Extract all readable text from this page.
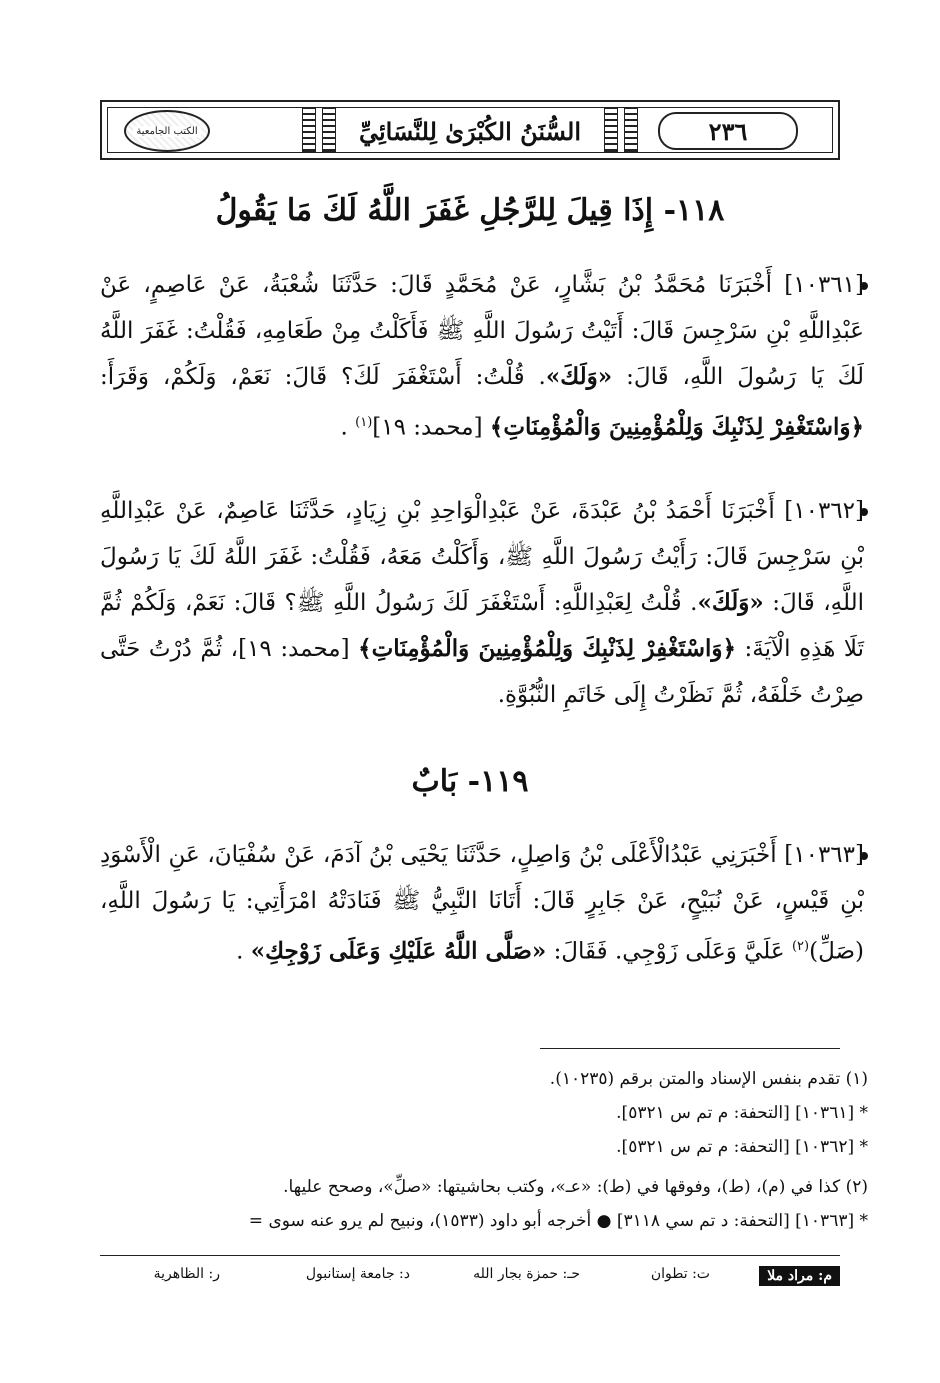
٢٣٦
السُّنَنُ الكُبْرَىٰ لِلنَّسَائِيِّ
الكتب الجامعية
١١٨- إِذَا قِيلَ لِلرَّجُلِ غَفَرَ اللَّهُ لَكَ مَا يَقُولُ
[١٠٣٦١] أَخْبَرَنَا مُحَمَّدُ بْنُ بَشَّارٍ، عَنْ مُحَمَّدٍ قَالَ: حَدَّثَنَا شُعْبَةُ، عَنْ عَاصِمٍ، عَنْ عَبْدِاللَّهِ بْنِ سَرْجِسَ قَالَ: أَتَيْتُ رَسُولَ اللَّهِ ﷺ فَأَكَلْتُ مِنْ طَعَامِهِ، فَقُلْتُ: غَفَرَ اللَّهُ لَكَ يَا رَسُولَ اللَّهِ، قَالَ: «وَلَكَ». قُلْتُ: أَسْتَغْفَرَ لَكَ؟ قَالَ: نَعَمْ، وَلَكُمْ، وَقَرَأَ: ﴿وَاسْتَغْفِرْ لِذَنْبِكَ وَلِلْمُؤْمِنِينَ وَالْمُؤْمِنَاتِ﴾ [محمد: ١٩]$^{(١)}$ .
[١٠٣٦٢] أَخْبَرَنَا أَحْمَدُ بْنُ عَبْدَةَ، عَنْ عَبْدِالْوَاحِدِ بْنِ زِيَادٍ، حَدَّثَنَا عَاصِمٌ، عَنْ عَبْدِاللَّهِ بْنِ سَرْجِسَ قَالَ: رَأَيْتُ رَسُولَ اللَّهِ ﷺ، وَأَكَلْتُ مَعَهُ، فَقُلْتُ: غَفَرَ اللَّهُ لَكَ يَا رَسُولَ اللَّهِ، قَالَ: «وَلَكَ». قُلْتُ لِعَبْدِاللَّهِ: أَسْتَغْفَرَ لَكَ رَسُولُ اللَّهِ ﷺ؟ قَالَ: نَعَمْ، وَلَكُمْ ثُمَّ تَلَا هَذِهِ الْآيَةَ: ﴿وَاسْتَغْفِرْ لِذَنْبِكَ وَلِلْمُؤْمِنِينَ وَالْمُؤْمِنَاتِ﴾ [محمد: ١٩]، ثُمَّ دُرْتُ حَتَّى صِرْتُ خَلْفَهُ، ثُمَّ نَظَرْتُ إِلَى خَاتَمِ النُّبُوَّةِ.
١١٩- بَابٌ
[١٠٣٦٣] أَخْبَرَنِي عَبْدُالْأَعْلَى بْنُ وَاصِلٍ، حَدَّثَنَا يَحْيَى بْنُ آدَمَ، عَنْ سُفْيَانَ، عَنِ الْأَسْوَدِ بْنِ قَيْسٍ، عَنْ نُبَيْحٍ، عَنْ جَابِرٍ قَالَ: أَتَانَا النَّبِيُّ ﷺ فَنَادَتْهُ امْرَأَتِي: يَا رَسُولَ اللَّهِ، (صَلِّ)$^{(٢)}$ عَلَيَّ وَعَلَى زَوْجِي. فَقَالَ: «صَلَّى اللَّهُ عَلَيْكِ وَعَلَى زَوْجِكِ» .
(١) تقدم بنفس الإسناد والمتن برقم (١٠٢٣٥).
* [١٠٣٦١] [التحفة: م تم س ٥٣٢١].
* [١٠٣٦٢] [التحفة: م تم س ٥٣٢١].
(٢) كذا في (م)، (ط)، وفوقها في (ط): «عـ»، وكتب بحاشيتها: «صلِّ»، وصحح عليها.
* [١٠٣٦٣] [التحفة: د تم سي ٣١١٨] ● أخرجه أبو داود (١٥٣٣)، ونبيح لم يرو عنه سوى =
م: مراد ملا
ت: تطوان
حـ: حمزة بجار الله
د: جامعة إستانبول
ر: الظاهرية
